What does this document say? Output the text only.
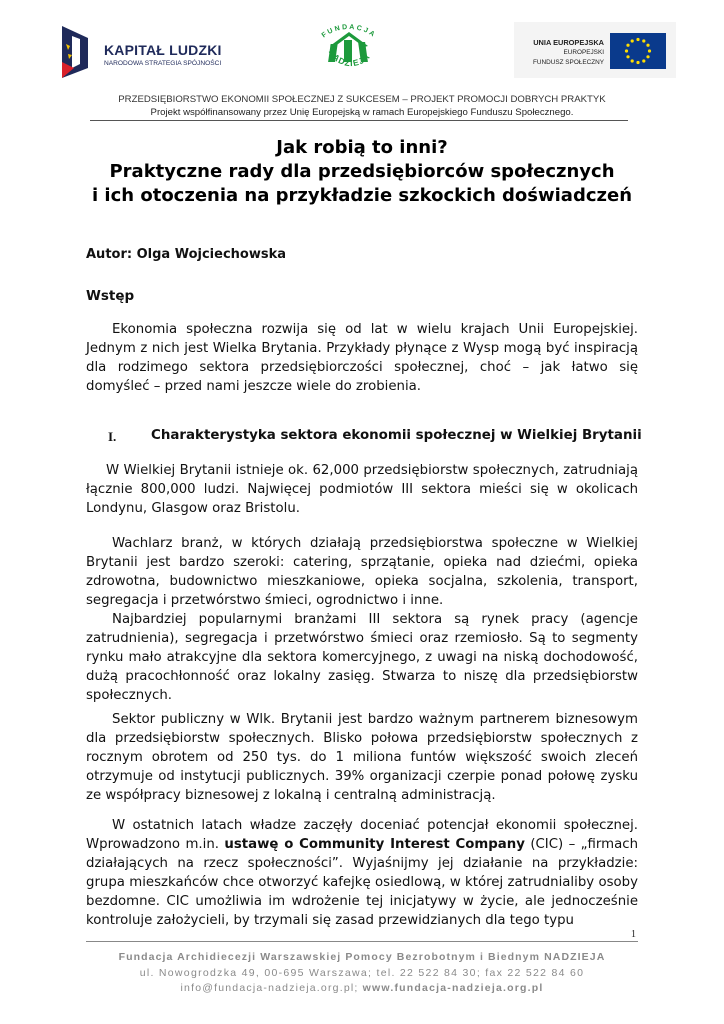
KAPITAŁ LUDZKI
NARODOWA STRATEGIA SPÓJNOŚCI
FUNDACJA
NADZIEJA
UNIA EUROPEJSKA
EUROPEJSKI
FUNDUSZ SPOŁECZNY
PRZEDSIĘBIORSTWO EKONOMII SPOŁECZNEJ Z SUKCESEM – PROJEKT PROMOCJI DOBRYCH PRAKTYK
Projekt współfinansowany przez Unię Europejską w ramach Europejskiego Funduszu Społecznego.
Jak robią to inni?
Praktyczne rady dla przedsiębiorców społecznych
i ich otoczenia na przykładzie szkockich doświadczeń
Autor: Olga Wojciechowska
Wstęp
Ekonomia społeczna rozwija się od lat w wielu krajach Unii Europejskiej. Jednym z nich jest Wielka Brytania. Przykłady płynące z Wysp mogą być inspiracją dla rodzimego sektora przedsiębiorczości społecznej, choć – jak łatwo się domyśleć – przed nami jeszcze wiele do zrobienia.
I.	Charakterystyka sektora ekonomii społecznej w Wielkiej Brytanii
W Wielkiej Brytanii istnieje ok. 62,000 przedsiębiorstw społecznych, zatrudniają łącznie 800,000 ludzi. Najwięcej podmiotów III sektora mieści się w okolicach Londynu, Glasgow oraz Bristolu.
Wachlarz branż, w których działają przedsiębiorstwa społeczne w Wielkiej Brytanii jest bardzo szeroki: catering, sprzątanie, opieka nad dziećmi, opieka zdrowotna, budownictwo mieszkaniowe, opieka socjalna, szkolenia, transport, segregacja i przetwórstwo śmieci, ogrodnictwo i inne.
Najbardziej popularnymi branżami III sektora są rynek pracy (agencje zatrudnienia), segregacja i przetwórstwo śmieci oraz rzemiosło. Są to segmenty rynku mało atrakcyjne dla sektora komercyjnego, z uwagi na niską dochodowość, dużą pracochłonność oraz lokalny zasięg. Stwarza to niszę dla przedsiębiorstw społecznych.
Sektor publiczny w Wlk. Brytanii jest bardzo ważnym partnerem biznesowym dla przedsiębiorstw społecznych. Blisko połowa przedsiębiorstw społecznych z rocznym obrotem od 250 tys. do 1 miliona funtów większość swoich zleceń otrzymuje od instytucji publicznych. 39% organizacji czerpie ponad połowę zysku ze współpracy biznesowej z lokalną i centralną administracją.
W ostatnich latach władze zaczęły doceniać potencjał ekonomii społecznej. Wprowadzono m.in. ustawę o Community Interest Company (CIC) – „firmach działających na rzecz społeczności”. Wyjaśnijmy jej działanie na przykładzie: grupa mieszkańców chce otworzyć kafejkę osiedlową, w której zatrudnialiby osoby bezdomne. CIC umożliwia im wdrożenie tej inicjatywy w życie, ale jednocześnie kontroluje założycieli, by trzymali się zasad przewidzianych dla tego typu
1
Fundacja Archidiecezji Warszawskiej Pomocy Bezrobotnym i Biednym NADZIEJA
ul. Nowogrodzka 49, 00-695 Warszawa; tel. 22 522 84 30; fax 22 522 84 60
info@fundacja-nadzieja.org.pl; www.fundacja-nadzieja.org.pl
